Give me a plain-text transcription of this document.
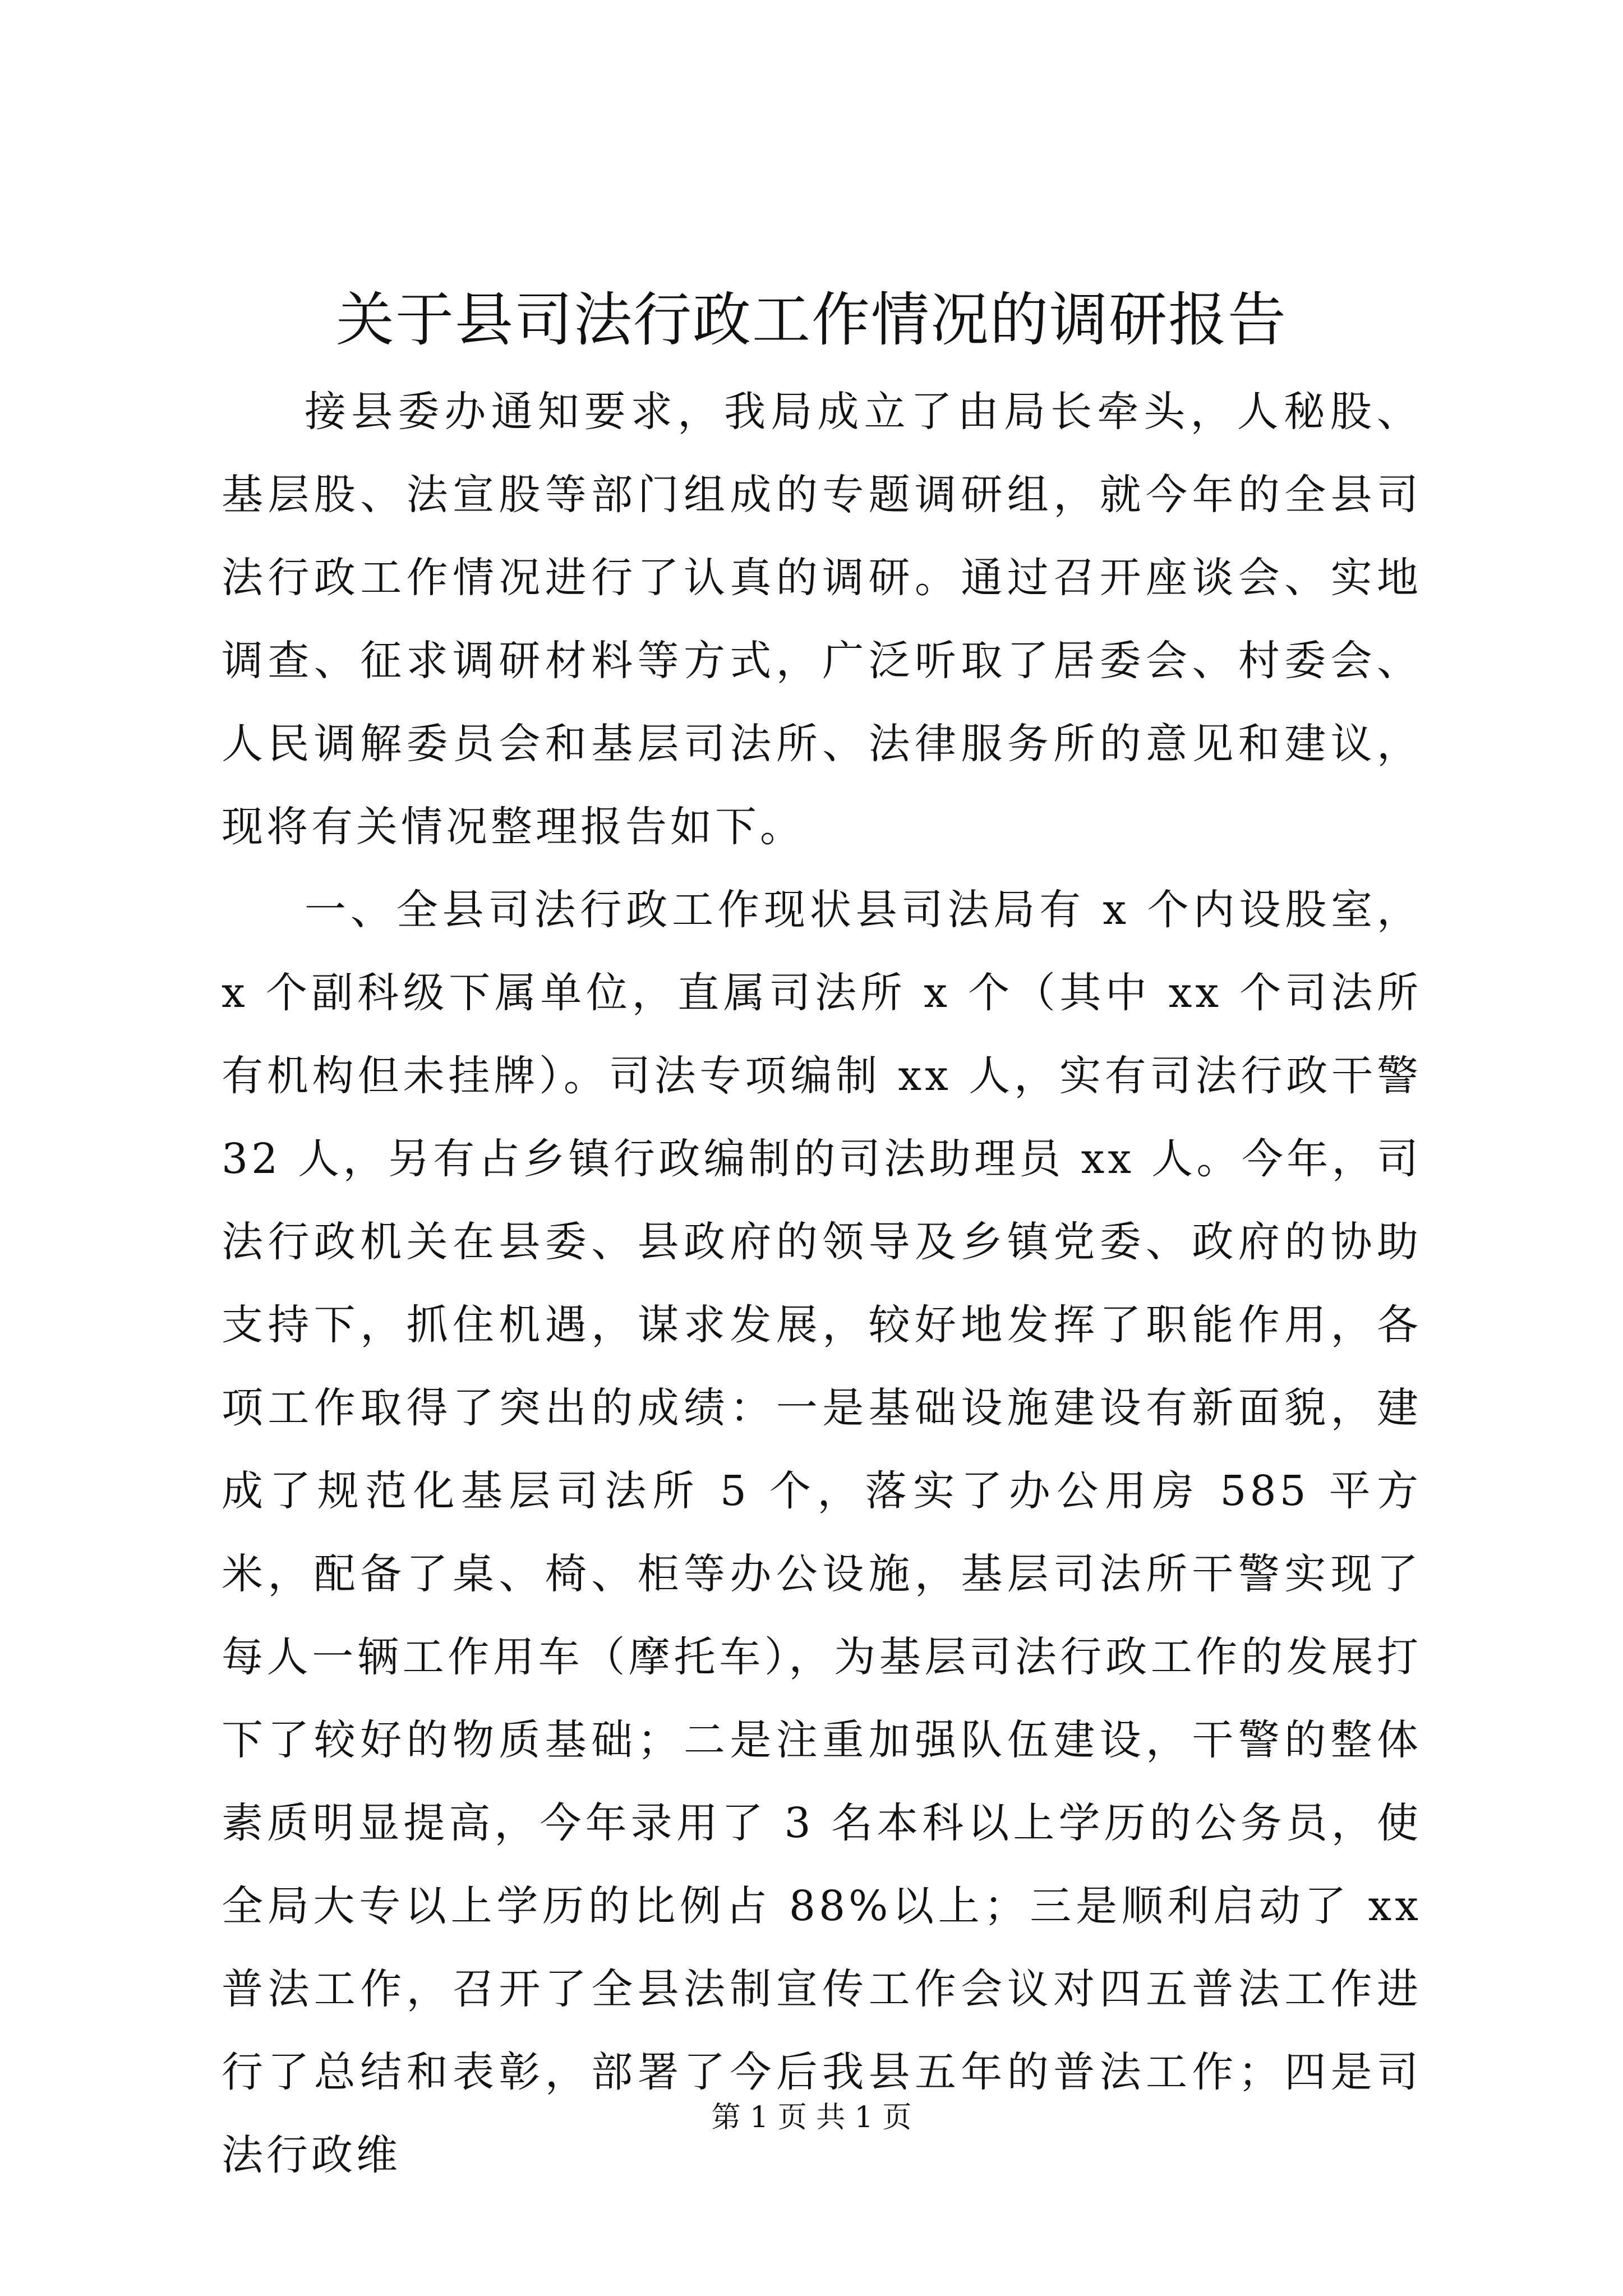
关于县司法行政工作情况的调研报告

接县委办通知要求，我局成立了由局长牵头，人秘股、基层股、法宣股等部门组成的专题调研组，就今年的全县司法行政工作情况进行了认真的调研。通过召开座谈会、实地调查、征求调研材料等方式，广泛听取了居委会、村委会、人民调解委员会和基层司法所、法律服务所的意见和建议，现将有关情况整理报告如下。

一、全县司法行政工作现状县司法局有 x 个内设股室，x 个副科级下属单位，直属司法所 x 个（其中 xx 个司法所有机构但未挂牌）。司法专项编制 xx 人，实有司法行政干警 32 人，另有占乡镇行政编制的司法助理员 xx 人。今年，司法行政机关在县委、县政府的领导及乡镇党委、政府的协助支持下，抓住机遇，谋求发展，较好地发挥了职能作用，各项工作取得了突出的成绩：一是基础设施建设有新面貌，建成了规范化基层司法所 5 个，落实了办公用房 585 平方米，配备了桌、椅、柜等办公设施，基层司法所干警实现了每人一辆工作用车（摩托车），为基层司法行政工作的发展打下了较好的物质基础；二是注重加强队伍建设，干警的整体素质明显提高，今年录用了 3 名本科以上学历的公务员，使全局大专以上学历的比例占 88%以上；三是顺利启动了 xx 普法工作，召开了全县法制宣传工作会议对四五普法工作进行了总结和表彰，部署了今后我县五年的普法工作；四是司法行政维

第 1 页 共 1 页
